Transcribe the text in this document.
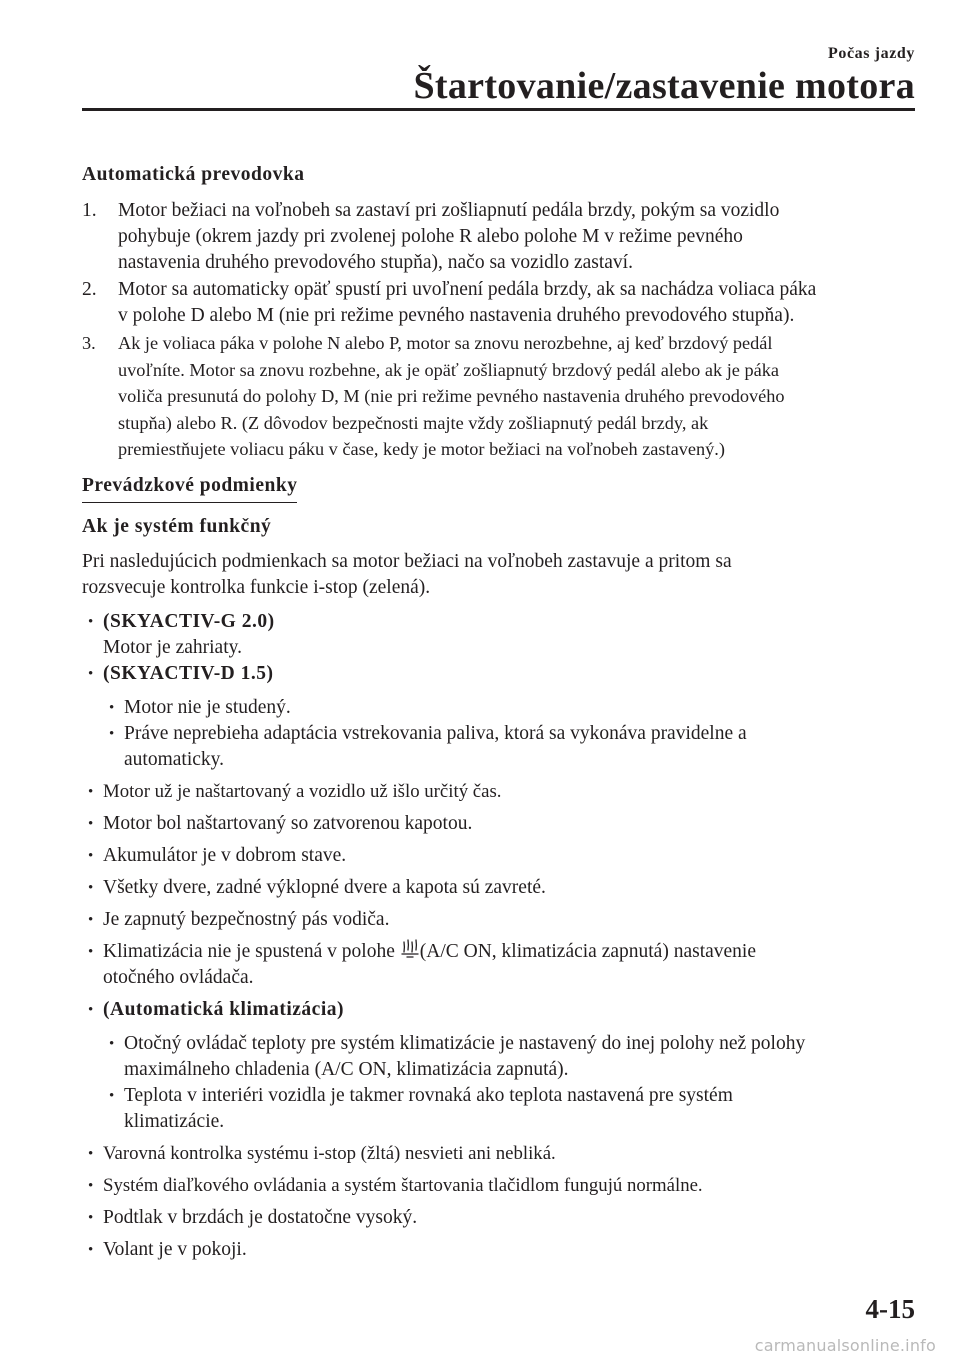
Počas jazdy
Štartovanie/zastavenie motora
Automatická prevodovka
1. Motor bežiaci na voľnobeh sa zastaví pri zošliapnutí pedála brzdy, pokým sa vozidlo
pohybuje (okrem jazdy pri zvolenej polohe R alebo polohe M v režime pevného
nastavenia druhého prevodového stupňa), načo sa vozidlo zastaví.
2. Motor sa automaticky opäť spustí pri uvoľnení pedála brzdy, ak sa nachádza voliaca páka
v polohe D alebo M (nie pri režime pevného nastavenia druhého prevodového stupňa).
3. Ak je voliaca páka v polohe N alebo P, motor sa znovu nerozbehne, aj keď brzdový pedál
uvoľníte. Motor sa znovu rozbehne, ak je opäť zošliapnutý brzdový pedál alebo ak je páka
voliča presunutá do polohy D, M (nie pri režime pevného nastavenia druhého prevodového
stupňa) alebo R. (Z dôvodov bezpečnosti majte vždy zošliapnutý pedál brzdy, ak
premiestňujete voliacu páku v čase, kedy je motor bežiaci na voľnobeh zastavený.)
Prevádzkové podmienky
Ak je systém funkčný
Pri nasledujúcich podmienkach sa motor bežiaci na voľnobeh zastavuje a pritom sa
rozsvecuje kontrolka funkcie i-stop (zelená).
• (SKYACTIV-G 2.0)
Motor je zahriaty.
• (SKYACTIV-D 1.5)
• Motor nie je studený.
• Práve neprebieha adaptácia vstrekovania paliva, ktorá sa vykonáva pravidelne a
automaticky.
• Motor už je naštartovaný a vozidlo už išlo určitý čas.
• Motor bol naštartovaný so zatvorenou kapotou.
• Akumulátor je v dobrom stave.
• Všetky dvere, zadné výklopné dvere a kapota sú zavreté.
• Je zapnutý bezpečnostný pás vodiča.
• Klimatizácia nie je spustená v polohe (A/C ON, klimatizácia zapnutá) nastavenie
otočného ovládača.
• (Automatická klimatizácia)
• Otočný ovládač teploty pre systém klimatizácie je nastavený do inej polohy než polohy
maximálneho chladenia (A/C ON, klimatizácia zapnutá).
• Teplota v interiéri vozidla je takmer rovnaká ako teplota nastavená pre systém
klimatizácie.
• Varovná kontrolka systému i-stop (žltá) nesvieti ani nebliká.
• Systém diaľkového ovládania a systém štartovania tlačidlom fungujú normálne.
• Podtlak v brzdách je dostatočne vysoký.
• Volant je v pokoji.
4-15
carmanualsonline.info
